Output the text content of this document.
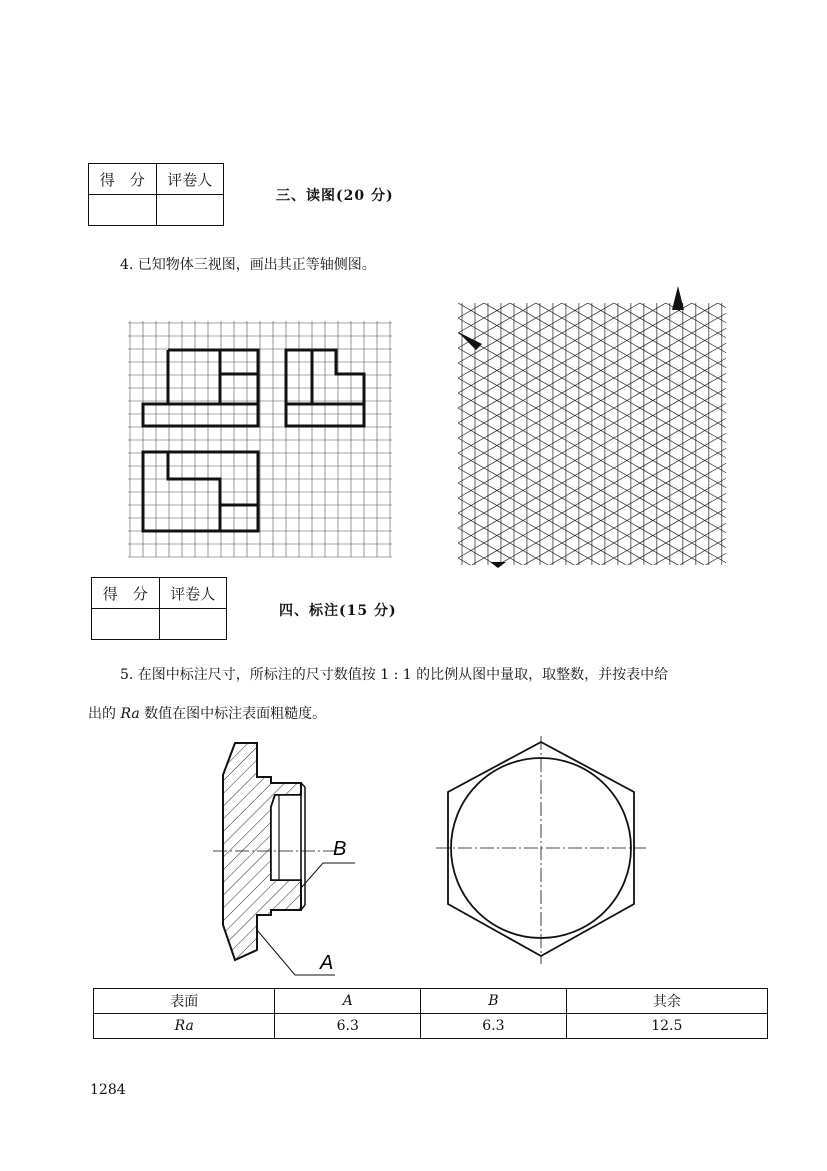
得　分	评卷人

三、读图(20 分)
4. 已知物体三视图，画出其正等轴侧图。
得　分	评卷人

四、标注(15 分)
5. 在图中标注尺寸，所标注的尺寸数值按 1 : 1 的比例从图中量取，取整数，并按表中给
出的 Ra 数值在图中标注表面粗糙度。
B
A
表面	A	B	其余
Ra	6.3	6.3	12.5
1284
